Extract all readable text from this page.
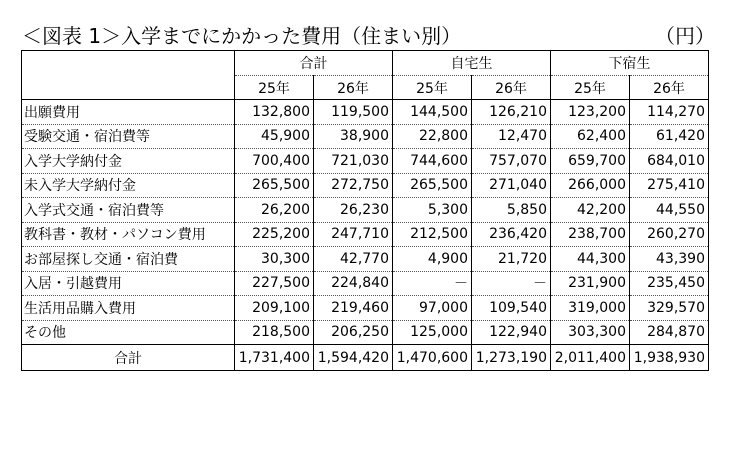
＜図表 1＞入学までにかかった費用（住まい別）	（円）
	合計		自宅生		下宿生	
	25年	26年	25年	26年	25年	26年
出願費用	132,800	119,500	144,500	126,210	123,200	114,270
受験交通・宿泊費等	45,900	38,900	22,800	12,470	62,400	61,420
入学大学納付金	700,400	721,030	744,600	757,070	659,700	684,010
未入学大学納付金	265,500	272,750	265,500	271,040	266,000	275,410
入学式交通・宿泊費等	26,200	26,230	5,300	5,850	42,200	44,550
教科書・教材・パソコン費用	225,200	247,710	212,500	236,420	238,700	260,270
お部屋探し交通・宿泊費	30,300	42,770	4,900	21,720	44,300	43,390
入居・引越費用	227,500	224,840	－	－	231,900	235,450
生活用品購入費用	209,100	219,460	97,000	109,540	319,000	329,570
その他	218,500	206,250	125,000	122,940	303,300	284,870
合計	1,731,400	1,594,420	1,470,600	1,273,190	2,011,400	1,938,930
